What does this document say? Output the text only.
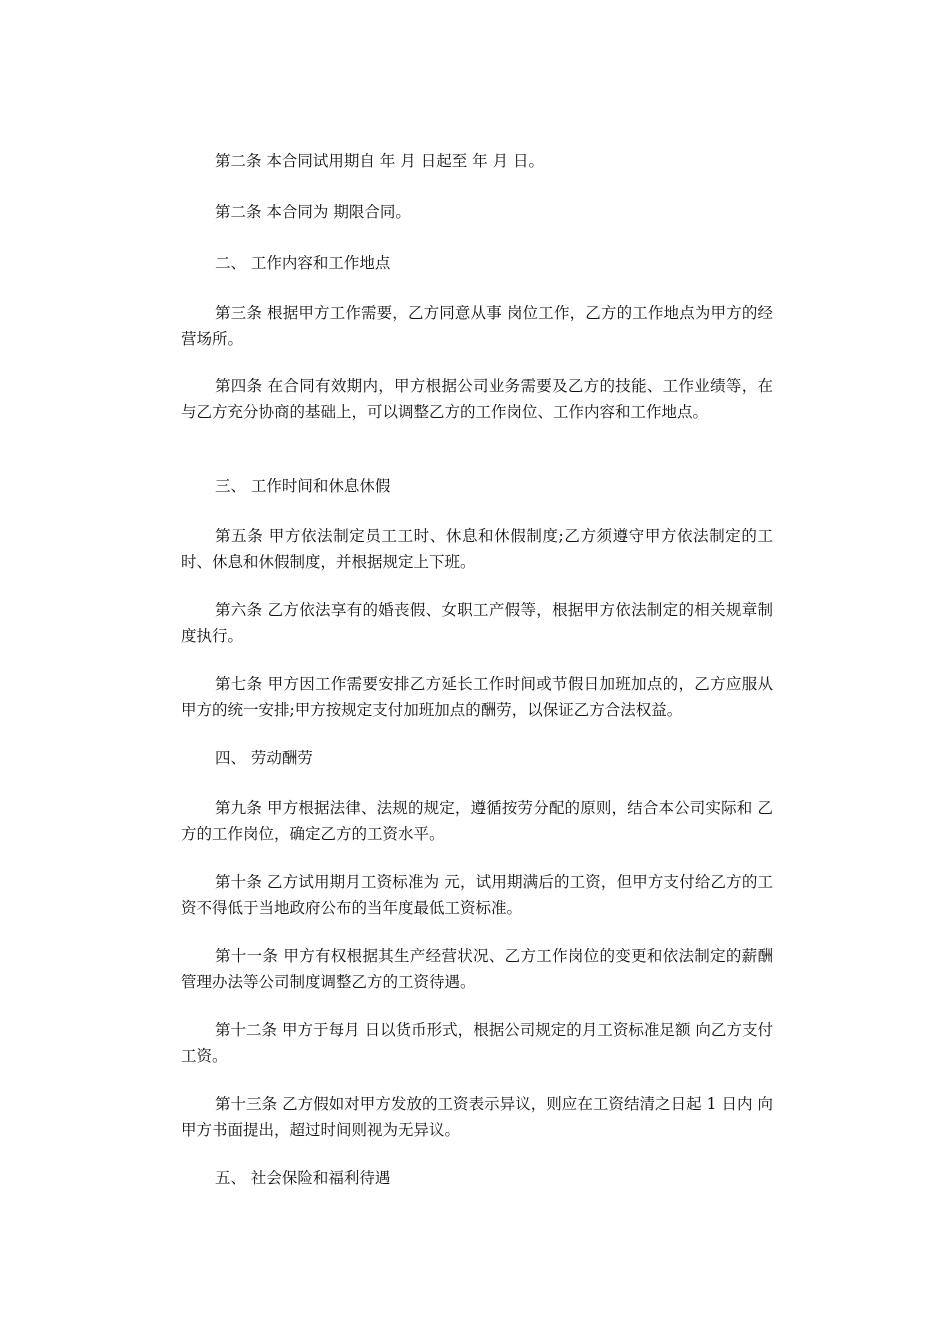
第二条 本合同试用期自 年 月 日起至 年 月 日。

第二条 本合同为 期限合同。

二、 工作内容和工作地点

第三条 根据甲方工作需要，乙方同意从事 岗位工作，乙方的工作地点为甲方的经营场所。

第四条 在合同有效期内，甲方根据公司业务需要及乙方的技能、工作业绩等，在与乙方充分协商的基础上，可以调整乙方的工作岗位、工作内容和工作地点。

三、 工作时间和休息休假

第五条 甲方依法制定员工工时、休息和休假制度;乙方须遵守甲方依法制定的工时、休息和休假制度，并根据规定上下班。

第六条 乙方依法享有的婚丧假、女职工产假等，根据甲方依法制定的相关规章制度执行。

第七条 甲方因工作需要安排乙方延长工作时间或节假日加班加点的，乙方应服从甲方的统一安排;甲方按规定支付加班加点的酬劳，以保证乙方合法权益。

四、 劳动酬劳

第九条 甲方根据法律、法规的规定，遵循按劳分配的原则，结合本公司实际和 乙方的工作岗位，确定乙方的工资水平。

第十条 乙方试用期月工资标准为 元，试用期满后的工资，但甲方支付给乙方的工资不得低于当地政府公布的当年度最低工资标准。

第十一条 甲方有权根据其生产经营状况、乙方工作岗位的变更和依法制定的薪酬管理办法等公司制度调整乙方的工资待遇。

第十二条 甲方于每月 日以货币形式，根据公司规定的月工资标准足额 向乙方支付工资。

第十三条 乙方假如对甲方发放的工资表示异议，则应在工资结清之日起 1 日内 向甲方书面提出，超过时间则视为无异议。

五、 社会保险和福利待遇
